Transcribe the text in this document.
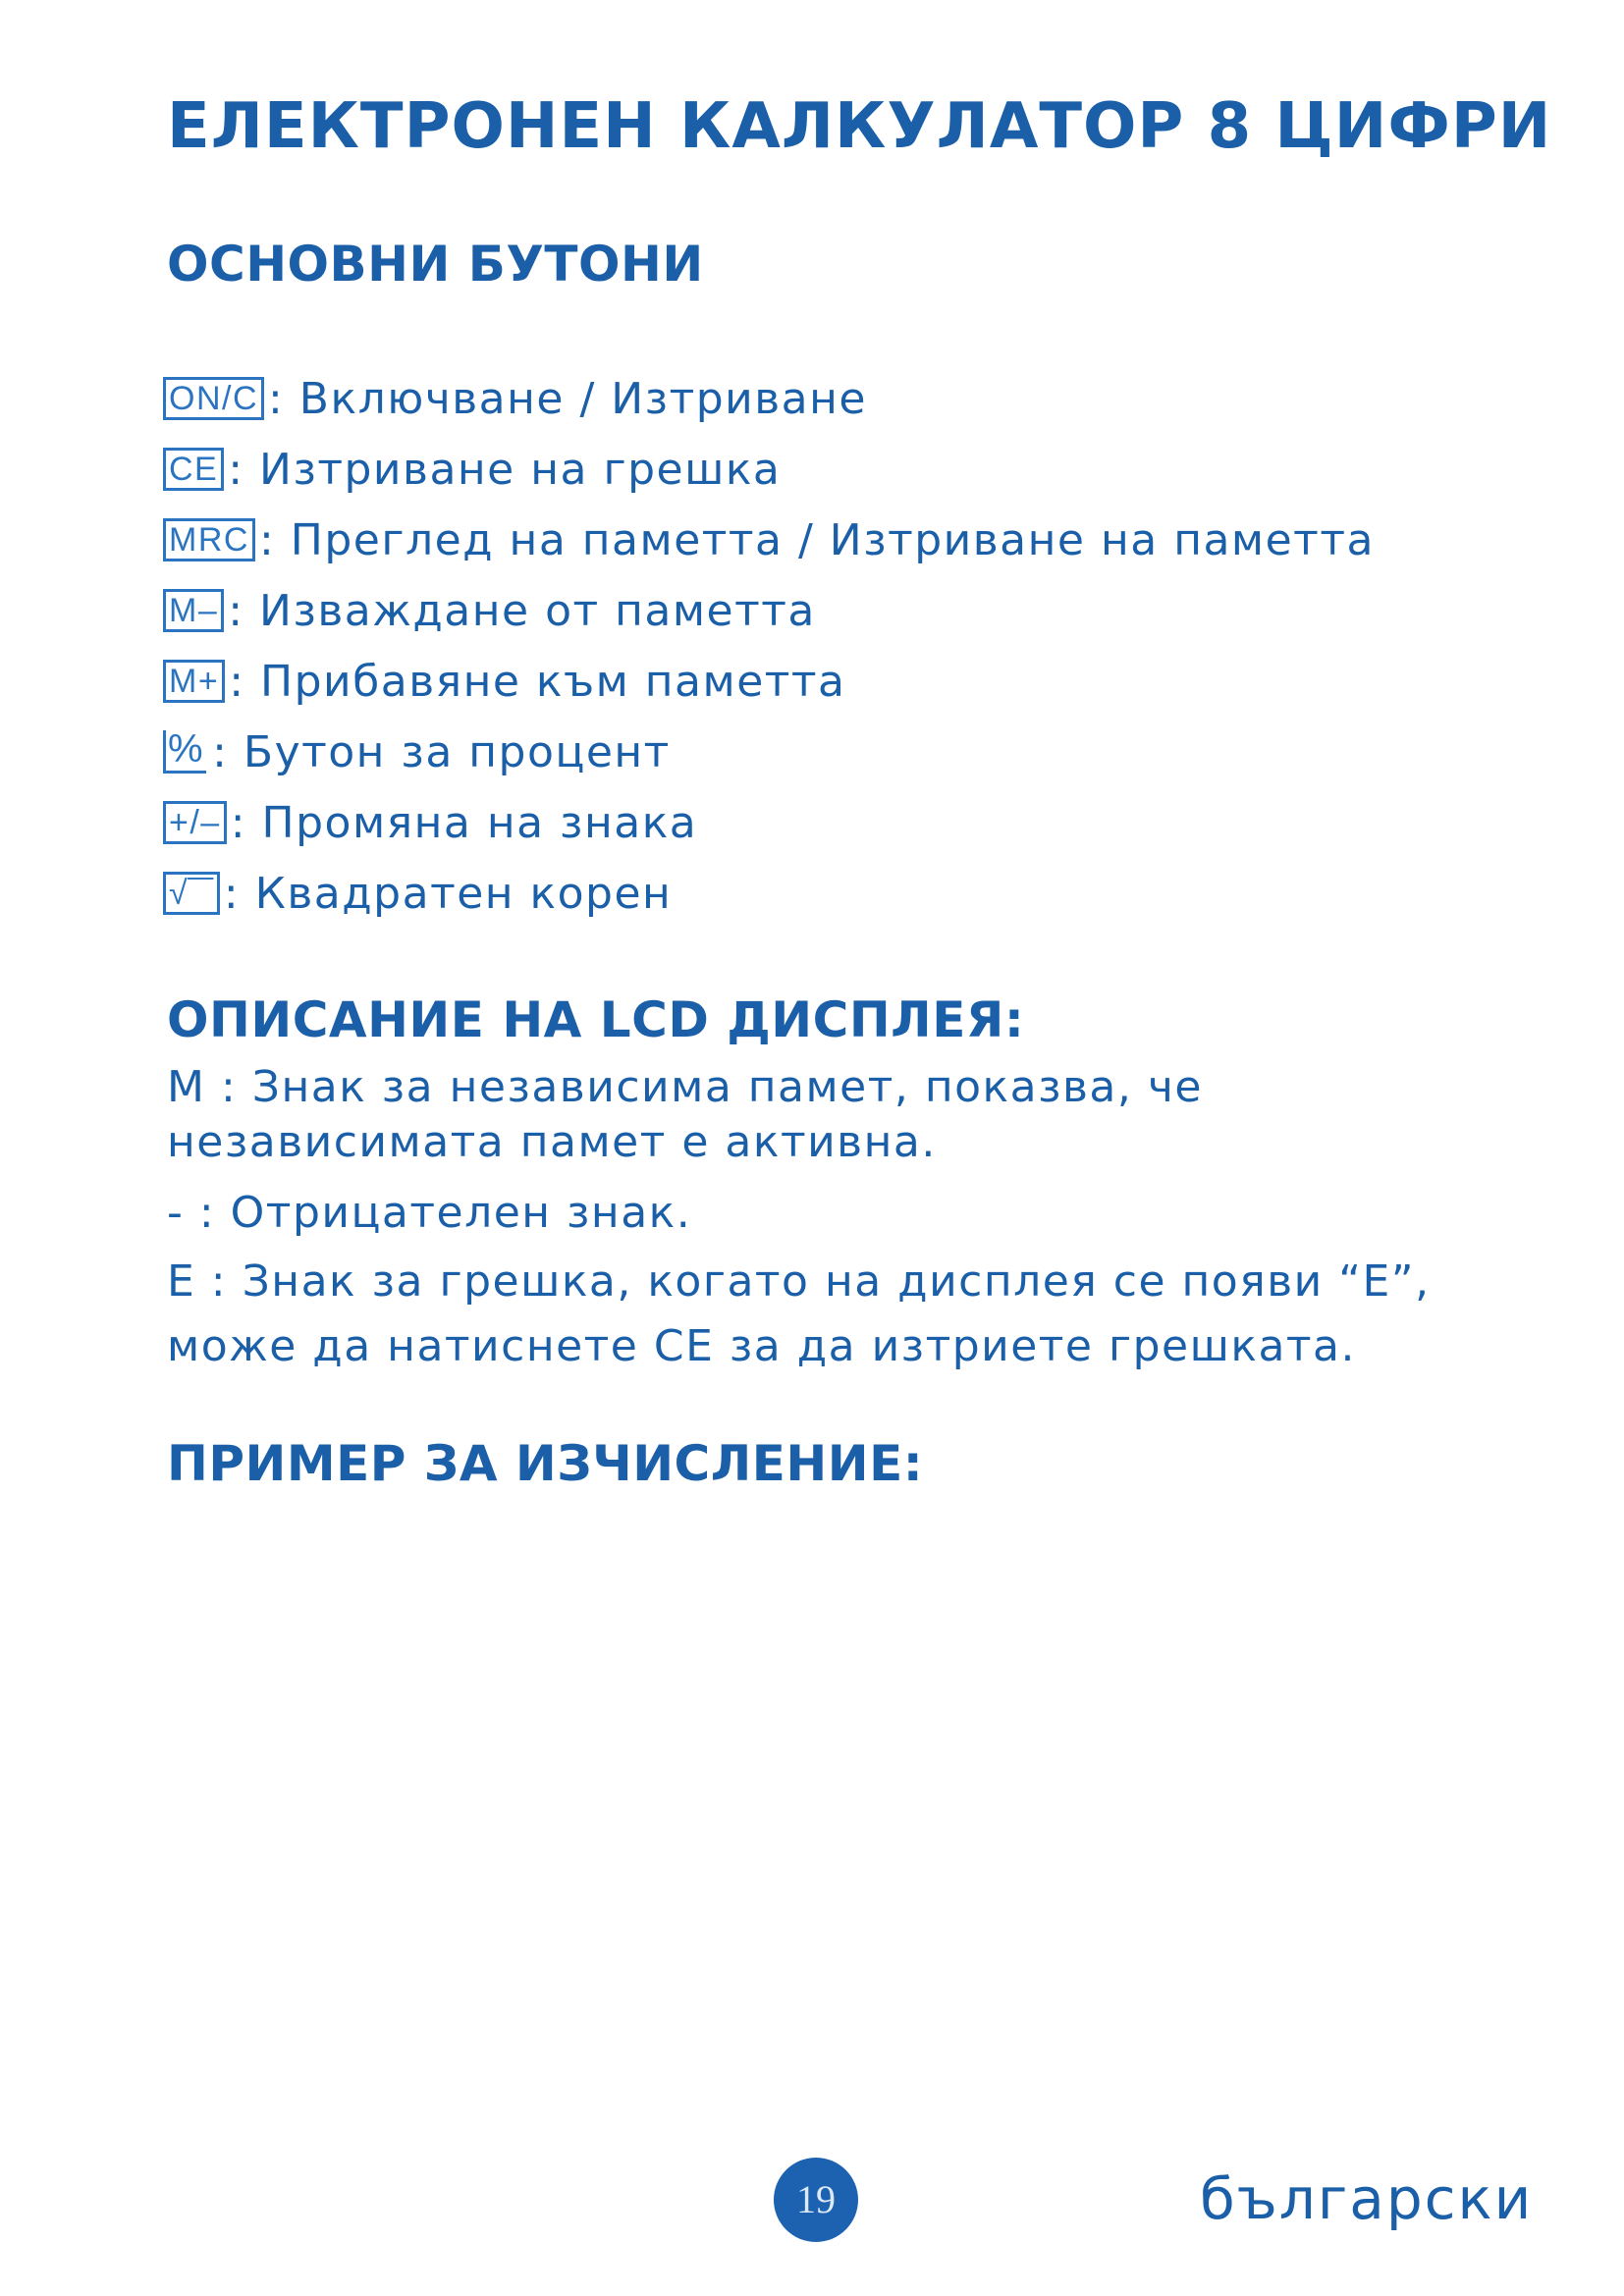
ЕЛЕКТРОНЕН КАЛКУЛАТОР 8 ЦИФРИ
ОСНОВНИ БУТОНИ
ON/C : Включване / Изтриване
CE : Изтриване на грешка
MRC : Преглед на паметта / Изтриване на паметта
M– : Изваждане от паметта
M+ : Прибавяне към паметта
% : Бутон за процент
+/– : Промяна на знака
√‾‾ : Квадратен корен
ОПИСАНИЕ НА LCD ДИСПЛЕЯ:
M : Знак за независима памет, показва, че
независимата памет е активна.
- : Отрицателен знак.
E : Знак за грешка, когато на дисплея се появи “E”,
може да натиснете CE за да изтриете грешката.
ПРИМЕР ЗА ИЗЧИСЛЕНИЕ:
19	български
